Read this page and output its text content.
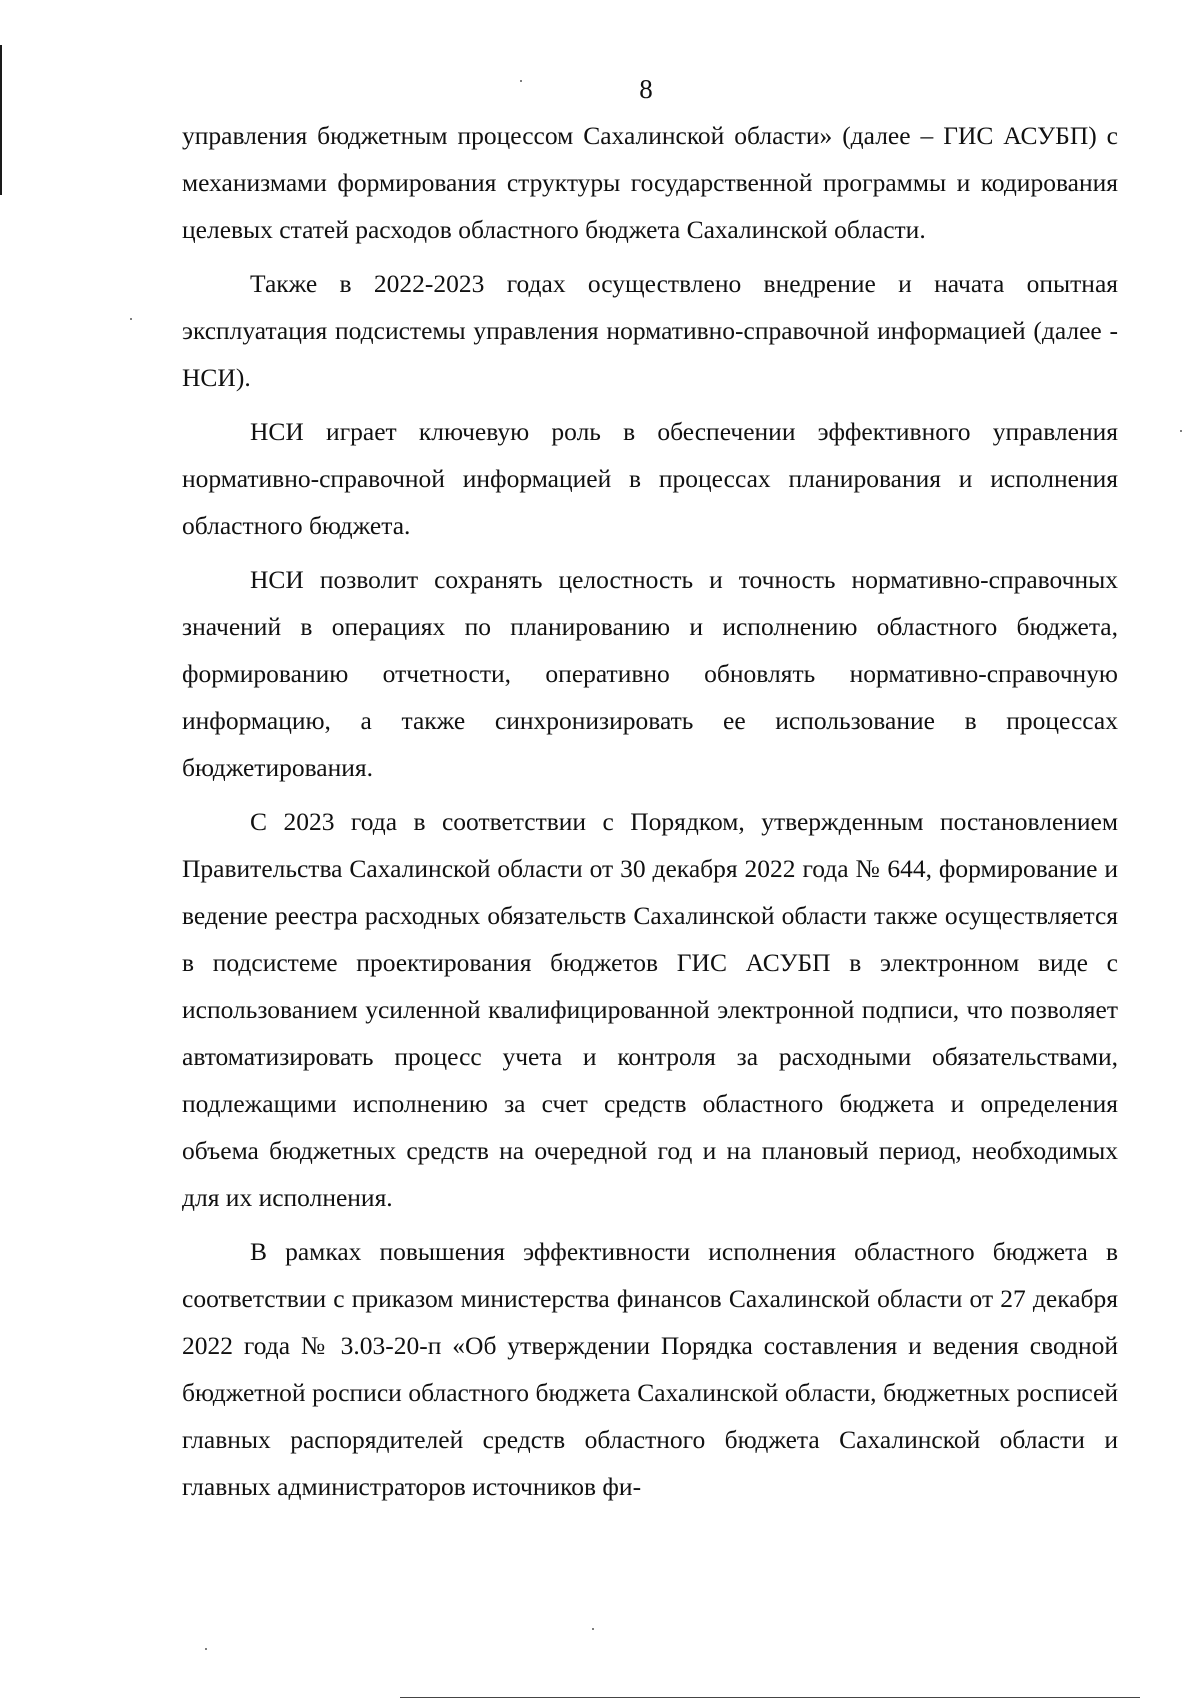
8

управления бюджетным процессом Сахалинской области» (далее – ГИС АСУБП) с механизмами формирования структуры государственной программы и кодирования целевых статей расходов областного бюджета Сахалинской области.

Также в 2022-2023 годах осуществлено внедрение и начата опытная эксплуатация подсистемы управления нормативно-справочной информацией (далее - НСИ).

НСИ играет ключевую роль в обеспечении эффективного управления нормативно-справочной информацией в процессах планирования и исполнения областного бюджета.

НСИ позволит сохранять целостность и точность нормативно-справочных значений в операциях по планированию и исполнению областного бюджета, формированию отчетности, оперативно обновлять нормативно-справочную информацию, а также синхронизировать ее использование в процессах бюджетирования.

С 2023 года в соответствии с Порядком, утвержденным постановлением Правительства Сахалинской области от 30 декабря 2022 года № 644, формирование и ведение реестра расходных обязательств Сахалинской области также осуществляется в подсистеме проектирования бюджетов ГИС АСУБП в электронном виде с использованием усиленной квалифицированной электронной подписи, что позволяет автоматизировать процесс учета и контроля за расходными обязательствами, подлежащими исполнению за счет средств областного бюджета и определения объема бюджетных средств на очередной год и на плановый период, необходимых для их исполнения.

В рамках повышения эффективности исполнения областного бюджета в соответствии с приказом министерства финансов Сахалинской области от 27 декабря 2022 года № 3.03-20-п «Об утверждении Порядка составления и ведения сводной бюджетной росписи областного бюджета Сахалинской области, бюджетных росписей главных распорядителей средств областного бюджета Сахалинской области и главных администраторов источников фи-
